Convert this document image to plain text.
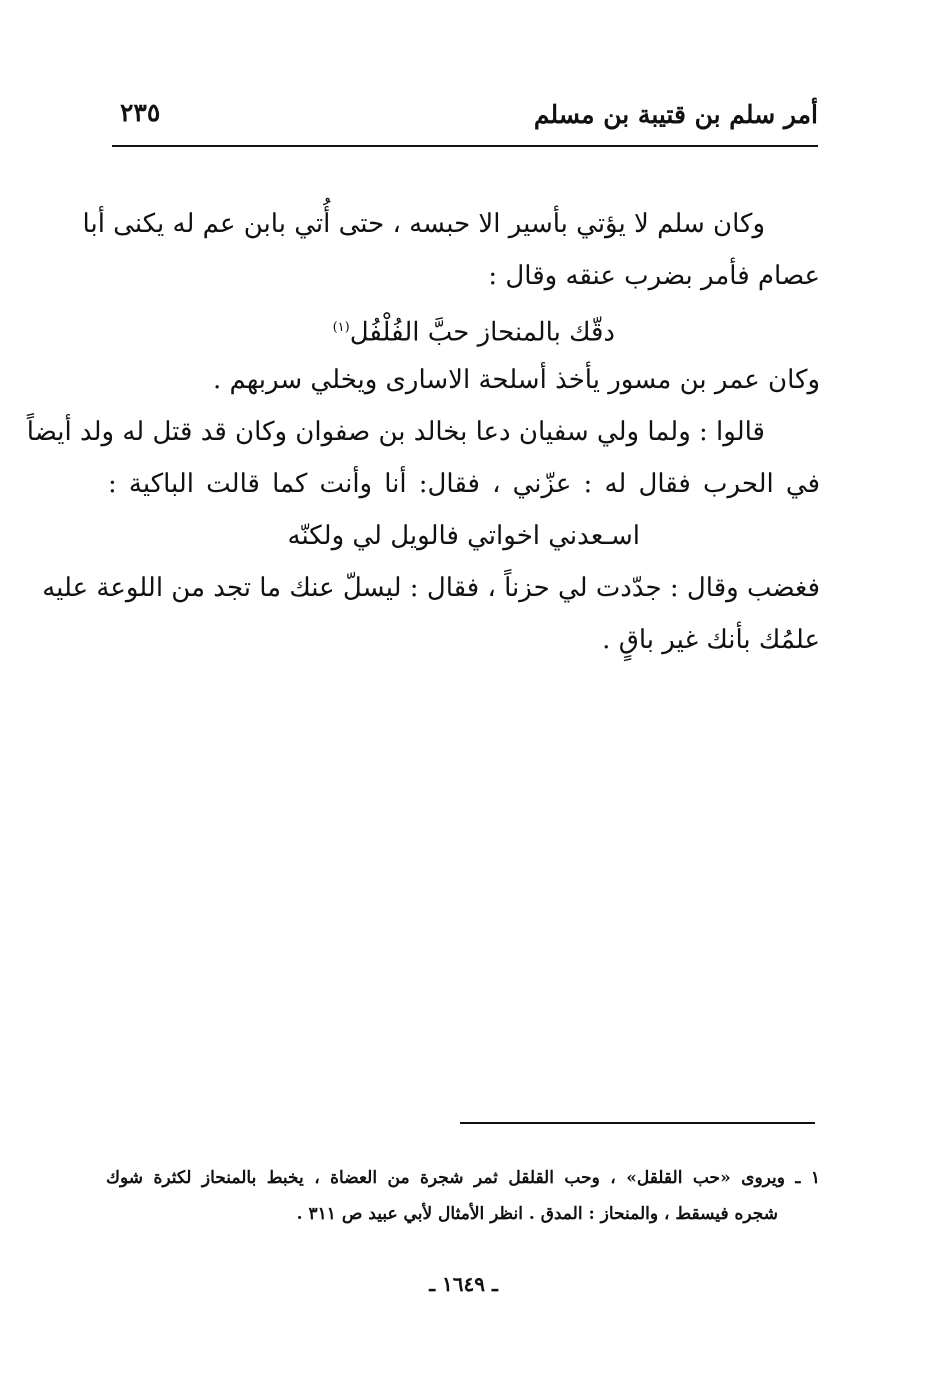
أمر سلم بن قتيبة بن مسلم
٢٣٥
وكان سلم لا يؤتي بأسير الا حبسه ، حتى أُتي بابن عم له يكنى أبا
عصام فأمر بضرب عنقه وقال :
دقّك بالمنحاز حبَّ الفُلْفُل$^{(١)}$
وكان عمر بن مسور يأخذ أسلحة الاسارى ويخلي سربهم .
قالوا : ولما ولي سفيان دعا بخالد بن صفوان وكان قد قتل له ولد أيضاً
في الحرب فقال له : عزّني ، فقال: أنا وأنت كما قالت الباكية :
اسـعدني اخواتي فالويل لي ولكنّه
فغضب وقال : جدّدت لي حزناً ، فقال : ليسلّ عنك ما تجد من اللوعة عليه
علمُك بأنك غير باقٍ .
١ ـ ويروى «حب القلقل» ، وحب القلقل ثمر شجرة من العضاة ، يخبط بالمنحاز لكثرة شوك
شجره فيسقط ، والمنحاز : المدق . انظر الأمثال لأبي عبيد ص ٣١١ .
ـ ١٦٤٩ ـ
